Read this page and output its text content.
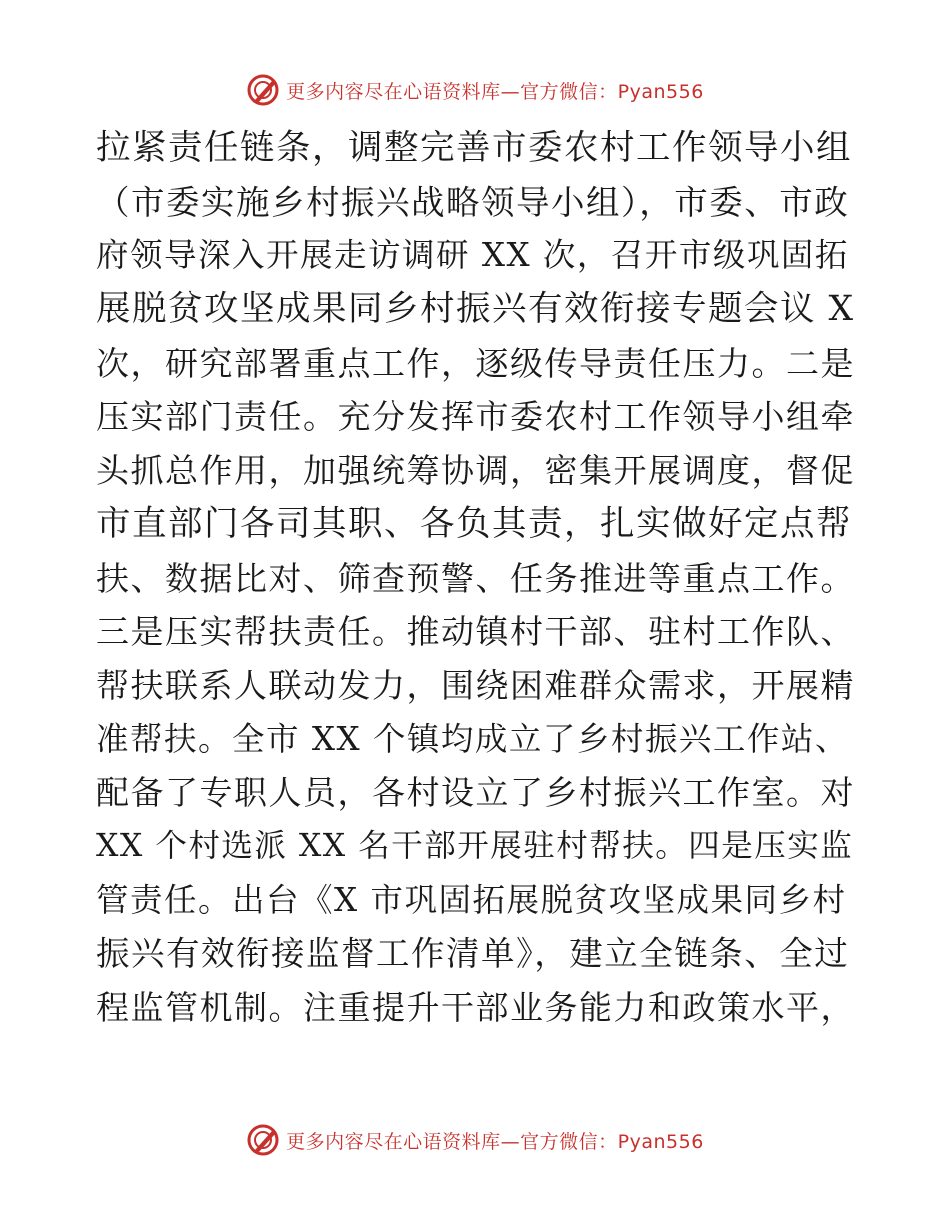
更多内容尽在心语资料库—官方微信：Pyan556
拉紧责任链条，调整完善市委农村工作领导小组
（市委实施乡村振兴战略领导小组），市委、市政
府领导深入开展走访调研 XX 次，召开市级巩固拓
展脱贫攻坚成果同乡村振兴有效衔接专题会议 X
次，研究部署重点工作，逐级传导责任压力。二是
压实部门责任。充分发挥市委农村工作领导小组牵
头抓总作用，加强统筹协调，密集开展调度，督促
市直部门各司其职、各负其责，扎实做好定点帮
扶、数据比对、筛查预警、任务推进等重点工作。
三是压实帮扶责任。推动镇村干部、驻村工作队、
帮扶联系人联动发力，围绕困难群众需求，开展精
准帮扶。全市 XX 个镇均成立了乡村振兴工作站、
配备了专职人员，各村设立了乡村振兴工作室。对
XX 个村选派 XX 名干部开展驻村帮扶。四是压实监
管责任。出台《X 市巩固拓展脱贫攻坚成果同乡村
振兴有效衔接监督工作清单》，建立全链条、全过
程监管机制。注重提升干部业务能力和政策水平，
更多内容尽在心语资料库—官方微信：Pyan556
